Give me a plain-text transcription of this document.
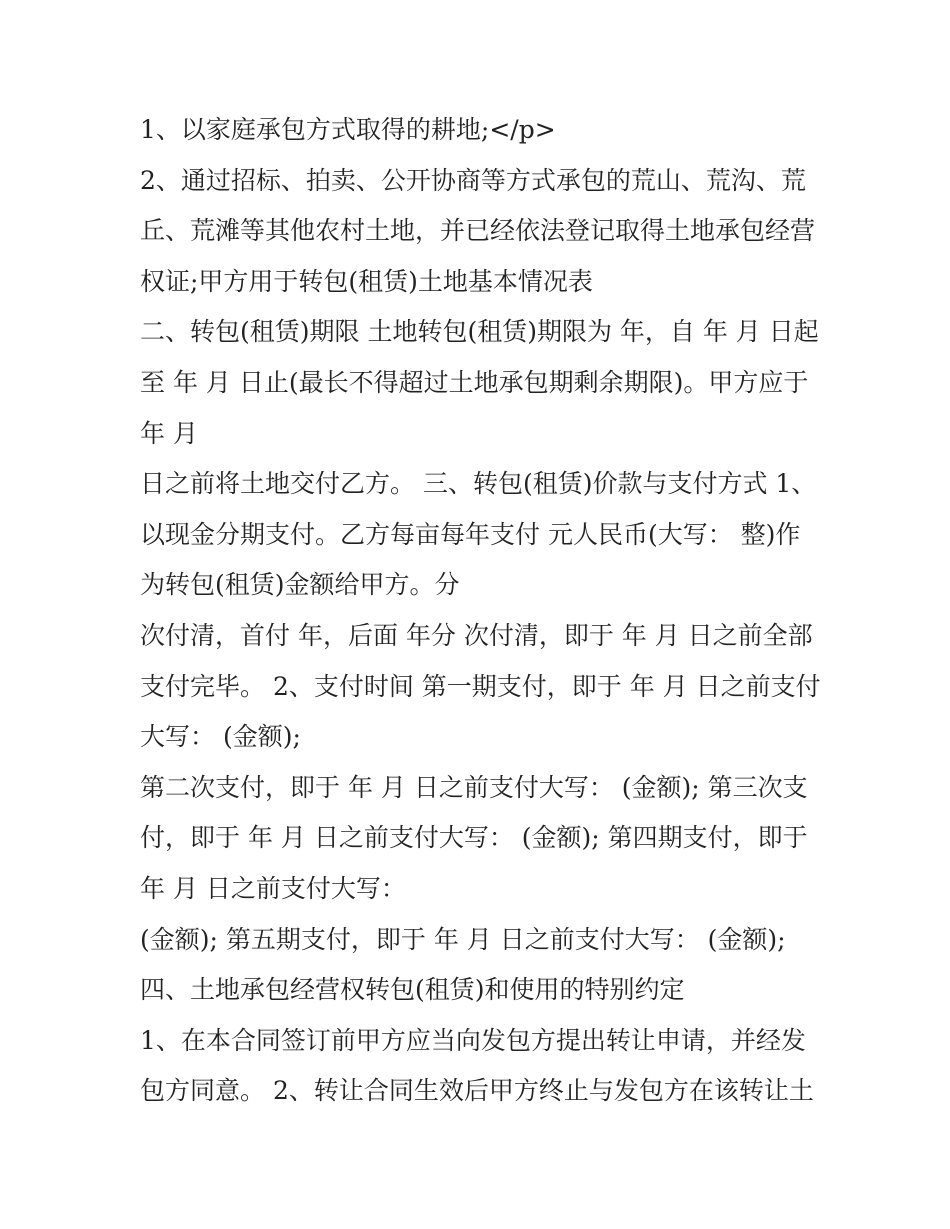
1、以家庭承包方式取得的耕地;</p>
2、通过招标、拍卖、公开协商等方式承包的荒山、荒沟、荒
丘、荒滩等其他农村土地，并已经依法登记取得土地承包经营
权证;甲方用于转包(租赁)土地基本情况表
二、转包(租赁)期限 土地转包(租赁)期限为 年，自 年 月 日起
至 年 月 日止(最长不得超过土地承包期剩余期限)。甲方应于
年 月
日之前将土地交付乙方。 三、转包(租赁)价款与支付方式 1、
以现金分期支付。乙方每亩每年支付 元人民币(大写： 整)作
为转包(租赁)金额给甲方。分
次付清，首付 年，后面 年分 次付清，即于 年 月 日之前全部
支付完毕。 2、支付时间 第一期支付，即于 年 月 日之前支付
大写： (金额);
第二次支付，即于 年 月 日之前支付大写： (金额); 第三次支
付，即于 年 月 日之前支付大写： (金额); 第四期支付，即于
年 月 日之前支付大写：
(金额); 第五期支付，即于 年 月 日之前支付大写： (金额);
四、土地承包经营权转包(租赁)和使用的特别约定
1、在本合同签订前甲方应当向发包方提出转让申请，并经发
包方同意。 2、转让合同生效后甲方终止与发包方在该转让土
